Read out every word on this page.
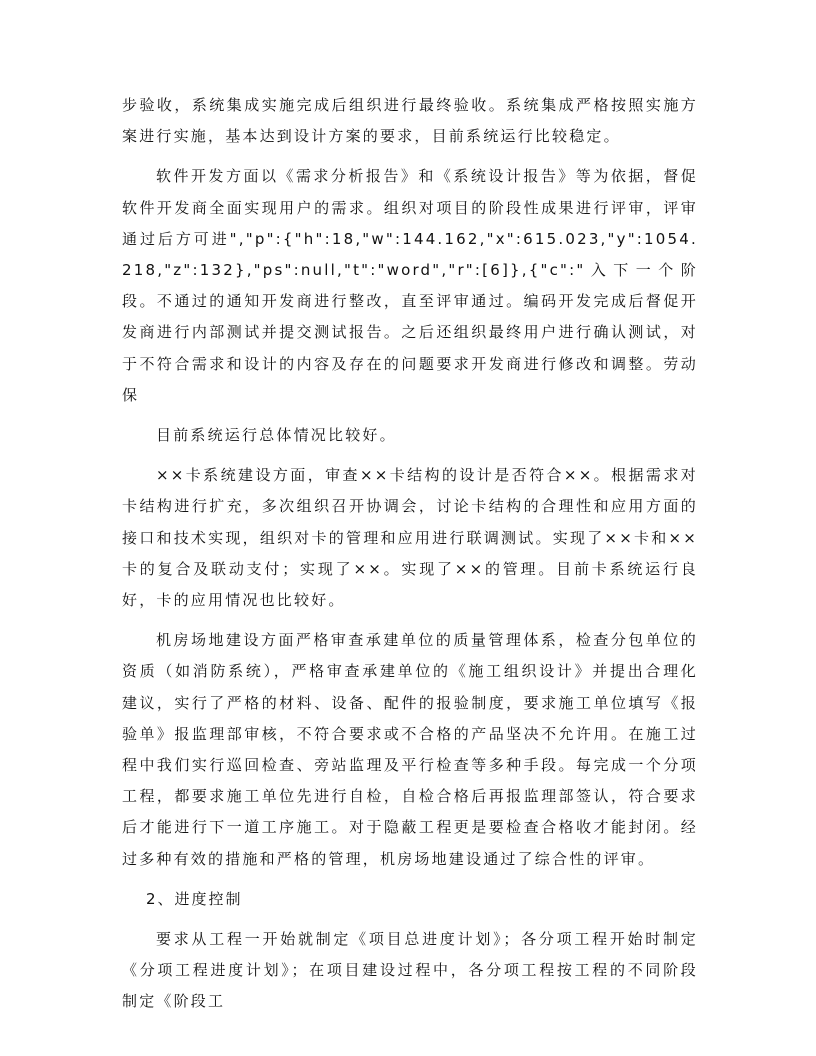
步验收，系统集成实施完成后组织进行最终验收。系统集成严格按照实施方案进行实施，基本达到设计方案的要求，目前系统运行比较稳定。

软件开发方面以《需求分析报告》和《系统设计报告》等为依据，督促软件开发商全面实现用户的需求。组织对项目的阶段性成果进行评审，评审通过后方可进","p":{"h":18,"w":144.162,"x":615.023,"y":1054.218,"z":132},"ps":null,"t":"word","r":[6]},{"c":"入下一个阶段。不通过的通知开发商进行整改，直至评审通过。编码开发完成后督促开发商进行内部测试并提交测试报告。之后还组织最终用户进行确认测试，对于不符合需求和设计的内容及存在的问题要求开发商进行修改和调整。劳动保

目前系统运行总体情况比较好。

××卡系统建设方面，审查××卡结构的设计是否符合××。根据需求对卡结构进行扩充，多次组织召开协调会，讨论卡结构的合理性和应用方面的接口和技术实现，组织对卡的管理和应用进行联调测试。实现了××卡和××卡的复合及联动支付；实现了××。实现了××的管理。目前卡系统运行良好，卡的应用情况也比较好。

机房场地建设方面严格审查承建单位的质量管理体系，检查分包单位的资质（如消防系统），严格审查承建单位的《施工组织设计》并提出合理化建议，实行了严格的材料、设备、配件的报验制度，要求施工单位填写《报验单》报监理部审核，不符合要求或不合格的产品坚决不允许用。在施工过程中我们实行巡回检查、旁站监理及平行检查等多种手段。每完成一个分项工程，都要求施工单位先进行自检，自检合格后再报监理部签认，符合要求后才能进行下一道工序施工。对于隐蔽工程更是要检查合格收才能封闭。经过多种有效的措施和严格的管理，机房场地建设通过了综合性的评审。

2、进度控制

要求从工程一开始就制定《项目总进度计划》；各分项工程开始时制定《分项工程进度计划》；在项目建设过程中，各分项工程按工程的不同阶段制定《阶段工
